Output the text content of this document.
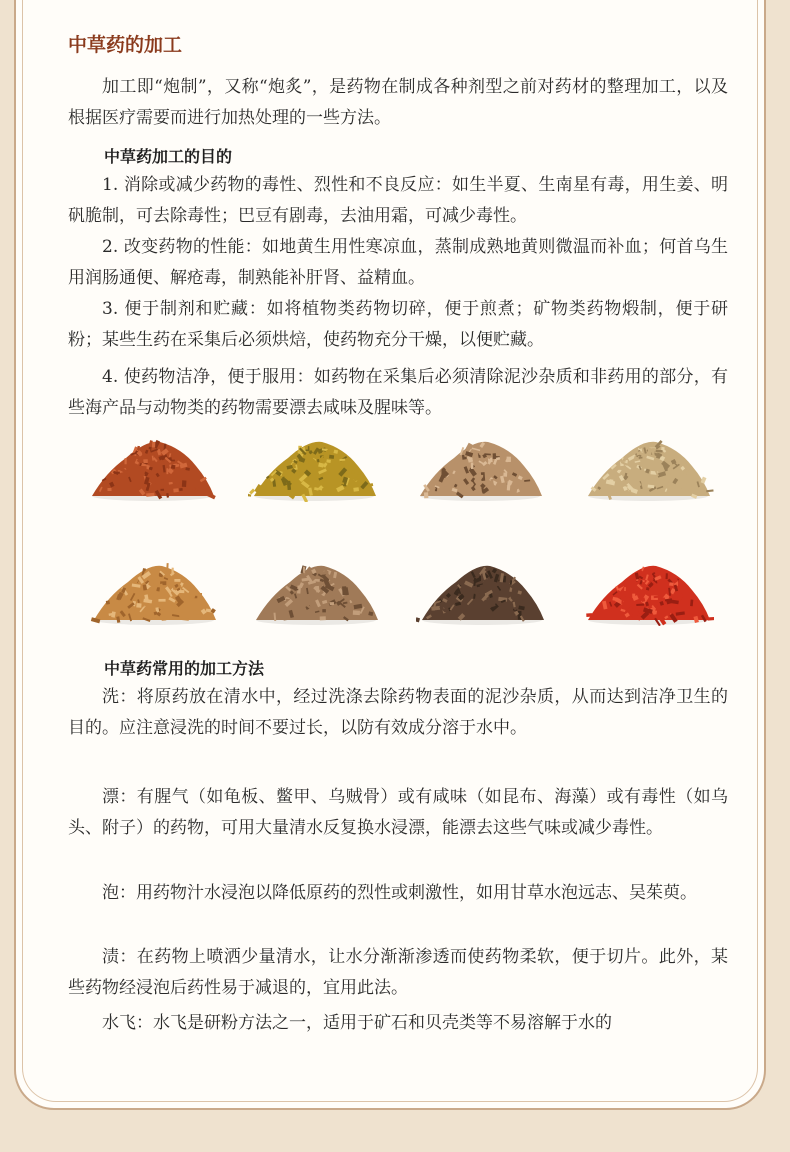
中草药的加工

加工即“炮制”，又称“炮炙”，是药物在制成各种剂型之前对药材的整理加工，以及根据医疗需要而进行加热处理的一些方法。

中草药加工的目的

1. 消除或减少药物的毒性、烈性和不良反应：如生半夏、生南星有毒，用生姜、明矾脆制，可去除毒性；巴豆有剧毒，去油用霜，可减少毒性。

2. 改变药物的性能：如地黄生用性寒凉血，蒸制成熟地黄则微温而补血；何首乌生用润肠通便、解疮毒，制熟能补肝肾、益精血。

3. 便于制剂和贮藏：如将植物类药物切碎，便于煎煮；矿物类药物煅制，便于研粉；某些生药在采集后必须烘焙，使药物充分干燥，以便贮藏。

4. 使药物洁净，便于服用：如药物在采集后必须清除泥沙杂质和非药用的部分，有些海产品与动物类的药物需要漂去咸味及腥味等。

中草药常用的加工方法

洗：将原药放在清水中，经过洗涤去除药物表面的泥沙杂质，从而达到洁净卫生的目的。应注意浸洗的时间不要过长，以防有效成分溶于水中。

漂：有腥气（如龟板、鳖甲、乌贼骨）或有咸味（如昆布、海藻）或有毒性（如乌头、附子）的药物，可用大量清水反复换水浸漂，能漂去这些气味或减少毒性。

泡：用药物汁水浸泡以降低原药的烈性或刺激性，如用甘草水泡远志、吴茱萸。

渍：在药物上喷洒少量清水，让水分渐渐渗透而使药物柔软，便于切片。此外，某些药物经浸泡后药性易于减退的，宜用此法。

水飞：水飞是研粉方法之一，适用于矿石和贝壳类等不易溶解于水的
